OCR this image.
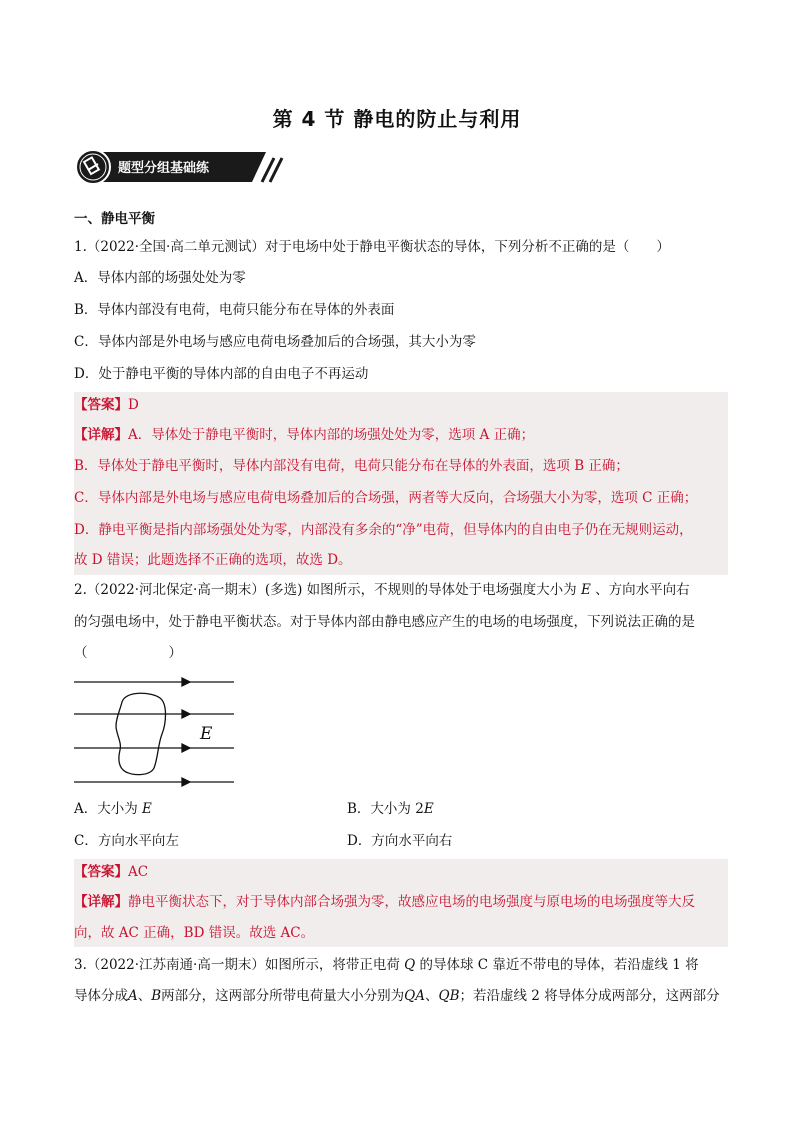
第 4 节 静电的防止与利用
题型分组基础练
一、静电平衡
1.（2022·全国·高二单元测试）对于电场中处于静电平衡状态的导体，下列分析不正确的是（　　）
A．导体内部的场强处处为零
B．导体内部没有电荷，电荷只能分布在导体的外表面
C．导体内部是外电场与感应电荷电场叠加后的合场强，其大小为零
D．处于静电平衡的导体内部的自由电子不再运动
【答案】D
【详解】A．导体处于静电平衡时，导体内部的场强处处为零，选项 A 正确；
B．导体处于静电平衡时，导体内部没有电荷，电荷只能分布在导体的外表面，选项 B 正确；
C．导体内部是外电场与感应电荷电场叠加后的合场强，两者等大反向，合场强大小为零，选项 C 正确；
D．静电平衡是指内部场强处处为零，内部没有多余的“净”电荷，但导体内的自由电子仍在无规则运动，
故 D 错误；此题选择不正确的选项，故选 D。
2.（2022·河北保定·高一期末）(多选) 如图所示，不规则的导体处于电场强度大小为 E 、方向水平向右
的匀强电场中，处于静电平衡状态。对于导体内部由静电感应产生的电场的电场强度，下列说法正确的是
（　　　　　　）
E
A．大小为 E	B．大小为 2E
C．方向水平向左	D．方向水平向右
【答案】AC
【详解】静电平衡状态下，对于导体内部合场强为零，故感应电场的电场强度与原电场的电场强度等大反
向，故 AC 正确，BD 错误。故选 AC。
3.（2022·江苏南通·高一期末）如图所示，将带正电荷 Q 的导体球 C 靠近不带电的导体，若沿虚线 1 将
导体分成A、B两部分，这两部分所带电荷量大小分别为QA、QB；若沿虚线 2 将导体分成两部分，这两部分
